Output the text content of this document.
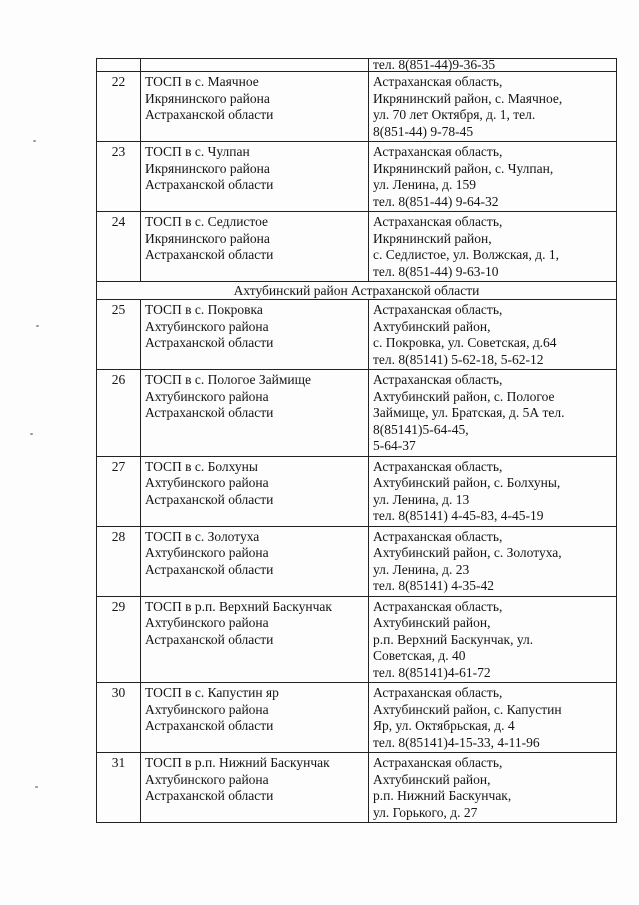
		тел. 8(851-44)9-36-35

22	ТОСП в с. Маячное
Икрянинского района
Астраханской области	Астраханская область,
Икрянинский район, с. Маячное,
ул. 70 лет Октября, д. 1, тел.
8(851-44) 9-78-45

23	ТОСП в с. Чулпан
Икрянинского района
Астраханской области	Астраханская область,
Икрянинский район, с. Чулпан,
ул. Ленина, д. 159
тел. 8(851-44) 9-64-32

24	ТОСП в с. Седлистое
Икрянинского района
Астраханской области	Астраханская область,
Икрянинский район,
с. Седлистое, ул. Волжская, д. 1,
тел. 8(851-44) 9-63-10

Ахтубинский район Астраханской области		
25	ТОСП в с. Покровка
Ахтубинского района
Астраханской области	Астраханская область,
Ахтубинский район,
с. Покровка, ул. Советская, д.64
тел. 8(85141) 5-62-18, 5-62-12

26	ТОСП в с. Пологое Займище
Ахтубинского района
Астраханской области	Астраханская область,
Ахтубинский район, с. Пологое
Займище, ул. Братская, д. 5А тел.
8(85141)5-64-45,
5-64-37

27	ТОСП в с. Болхуны
Ахтубинского района
Астраханской области	Астраханская область,
Ахтубинский район, с. Болхуны,
ул. Ленина, д. 13
тел. 8(85141) 4-45-83, 4-45-19

28	ТОСП в с. Золотуха
Ахтубинского района
Астраханской области	Астраханская область,
Ахтубинский район, с. Золотуха,
ул. Ленина, д. 23
тел. 8(85141) 4-35-42

29	ТОСП в р.п. Верхний Баскунчак
Ахтубинского района
Астраханской области	Астраханская область,
Ахтубинский район,
р.п. Верхний Баскунчак, ул.
Советская, д. 40
тел. 8(85141)4-61-72

30	ТОСП в с. Капустин яр
Ахтубинского района
Астраханской области	Астраханская область,
Ахтубинский район, с. Капустин
Яр, ул. Октябрьская, д. 4
тел. 8(85141)4-15-33, 4-11-96

31	ТОСП в р.п. Нижний Баскунчак
Ахтубинского района
Астраханской области	Астраханская область,
Ахтубинский район,
р.п. Нижний Баскунчак,
ул. Горького, д. 27
